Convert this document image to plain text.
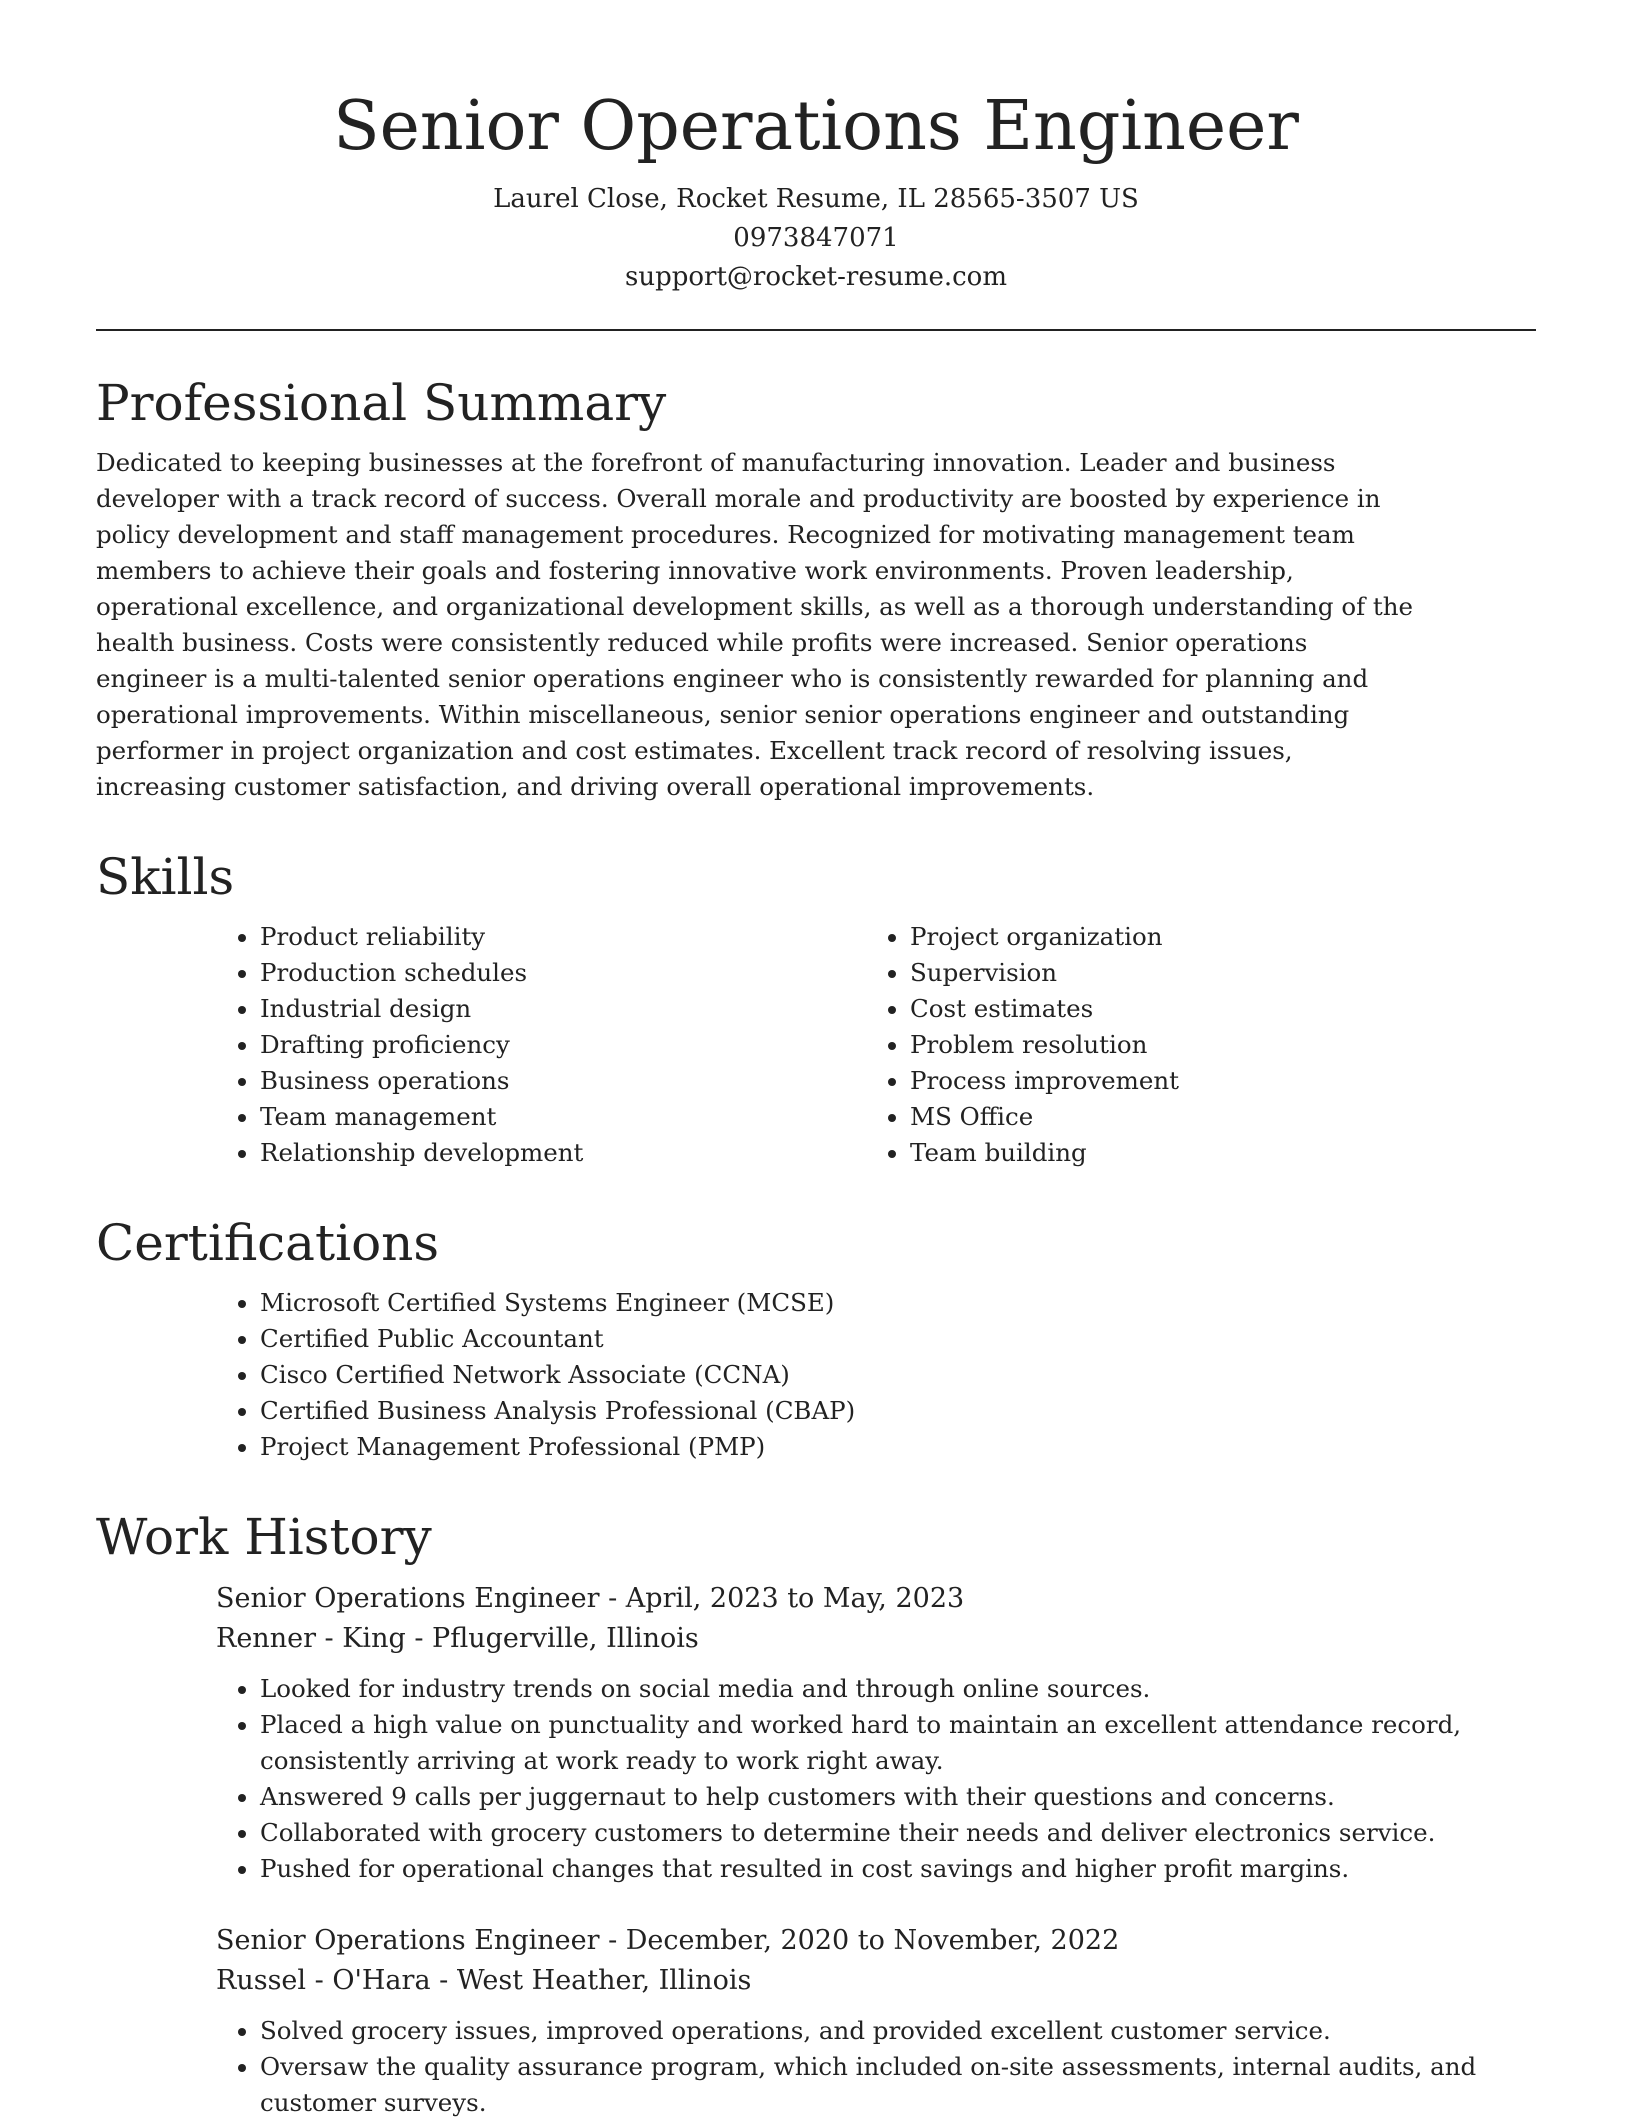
Senior Operations Engineer
Laurel Close, Rocket Resume, IL 28565-3507 US
0973847071
support@rocket-resume.com
Professional Summary

Dedicated to keeping businesses at the forefront of manufacturing innovation. Leader and business developer with a track record of success. Overall morale and productivity are boosted by experience in policy development and staff management procedures. Recognized for motivating management team members to achieve their goals and fostering innovative work environments. Proven leadership, operational excellence, and organizational development skills, as well as a thorough understanding of the health business. Costs were consistently reduced while profits were increased. Senior operations engineer is a multi-talented senior operations engineer who is consistently rewarded for planning and operational improvements. Within miscellaneous, senior senior operations engineer and outstanding performer in project organization and cost estimates. Excellent track record of resolving issues, increasing customer satisfaction, and driving overall operational improvements.

Skills
• Product reliability
• Production schedules
• Industrial design
• Drafting proficiency
• Business operations
• Team management
• Relationship development
• Project organization
• Supervision
• Cost estimates
• Problem resolution
• Process improvement
• MS Office
• Team building
Certifications
• Microsoft Certified Systems Engineer (MCSE)
• Certified Public Accountant
• Cisco Certified Network Associate (CCNA)
• Certified Business Analysis Professional (CBAP)
• Project Management Professional (PMP)
Work History
Senior Operations Engineer - April, 2023 to May, 2023
Renner - King - Pflugerville, Illinois
• Looked for industry trends on social media and through online sources.
• Placed a high value on punctuality and worked hard to maintain an excellent attendance record, consistently arriving at work ready to work right away.
• Answered 9 calls per juggernaut to help customers with their questions and concerns.
• Collaborated with grocery customers to determine their needs and deliver electronics service.
• Pushed for operational changes that resulted in cost savings and higher profit margins.
Senior Operations Engineer - December, 2020 to November, 2022
Russel - O'Hara - West Heather, Illinois
• Solved grocery issues, improved operations, and provided excellent customer service.
• Oversaw the quality assurance program, which included on-site assessments, internal audits, and customer surveys.
